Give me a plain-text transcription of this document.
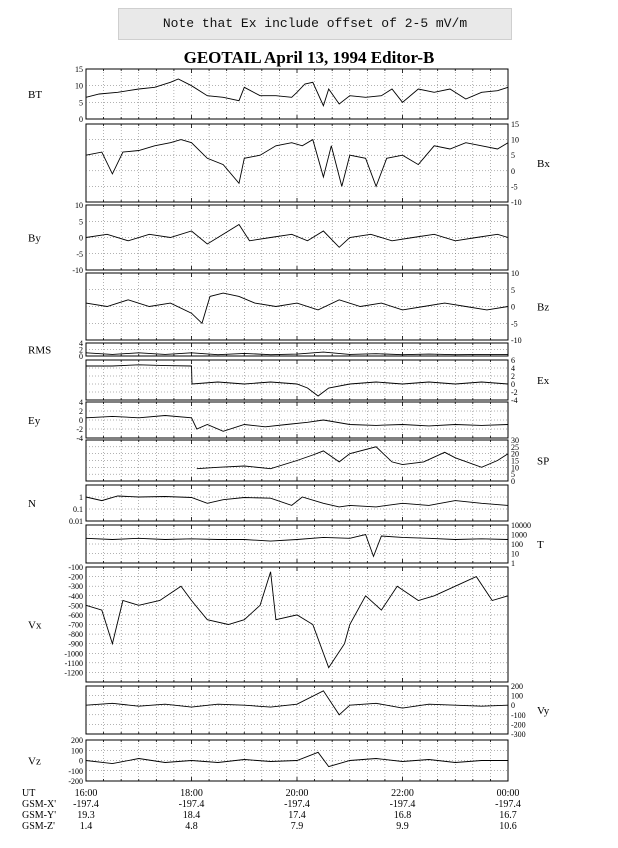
Note that Ex include offset of 2-5 mV/m
GEOTAIL April 13, 1994 Editor-B
15
10
5
0
BT
15
10
5
0
-5
-10
Bx
10
5
0
-5
-10
By
10
5
0
-5
-10
Bz
4
2
0
RMS
6
4
2
0
-2
-4
Ex
4
2
0
-2
-4
Ey
30
25
20
15
10
5
0
SP
1
0.1
0.01
N
10000
1000
100
10
1
T
-100
-200
-300
-400
-500
-600
-700
-800
-900
-1000
-1100
-1200
Vx
200
100
0
-100
-200
-300
Vy
200
100
0
-100
-200
Vz
UT	16:00	18:00	20:00	22:00	00:00
GSM-X' -197.4	-197.4	-197.4	-197.4	-197.4
GSM-Y' 19.3	18.4	17.4	16.8	16.7
GSM-Z' 1.4	4.8	7.9	9.9	10.6
